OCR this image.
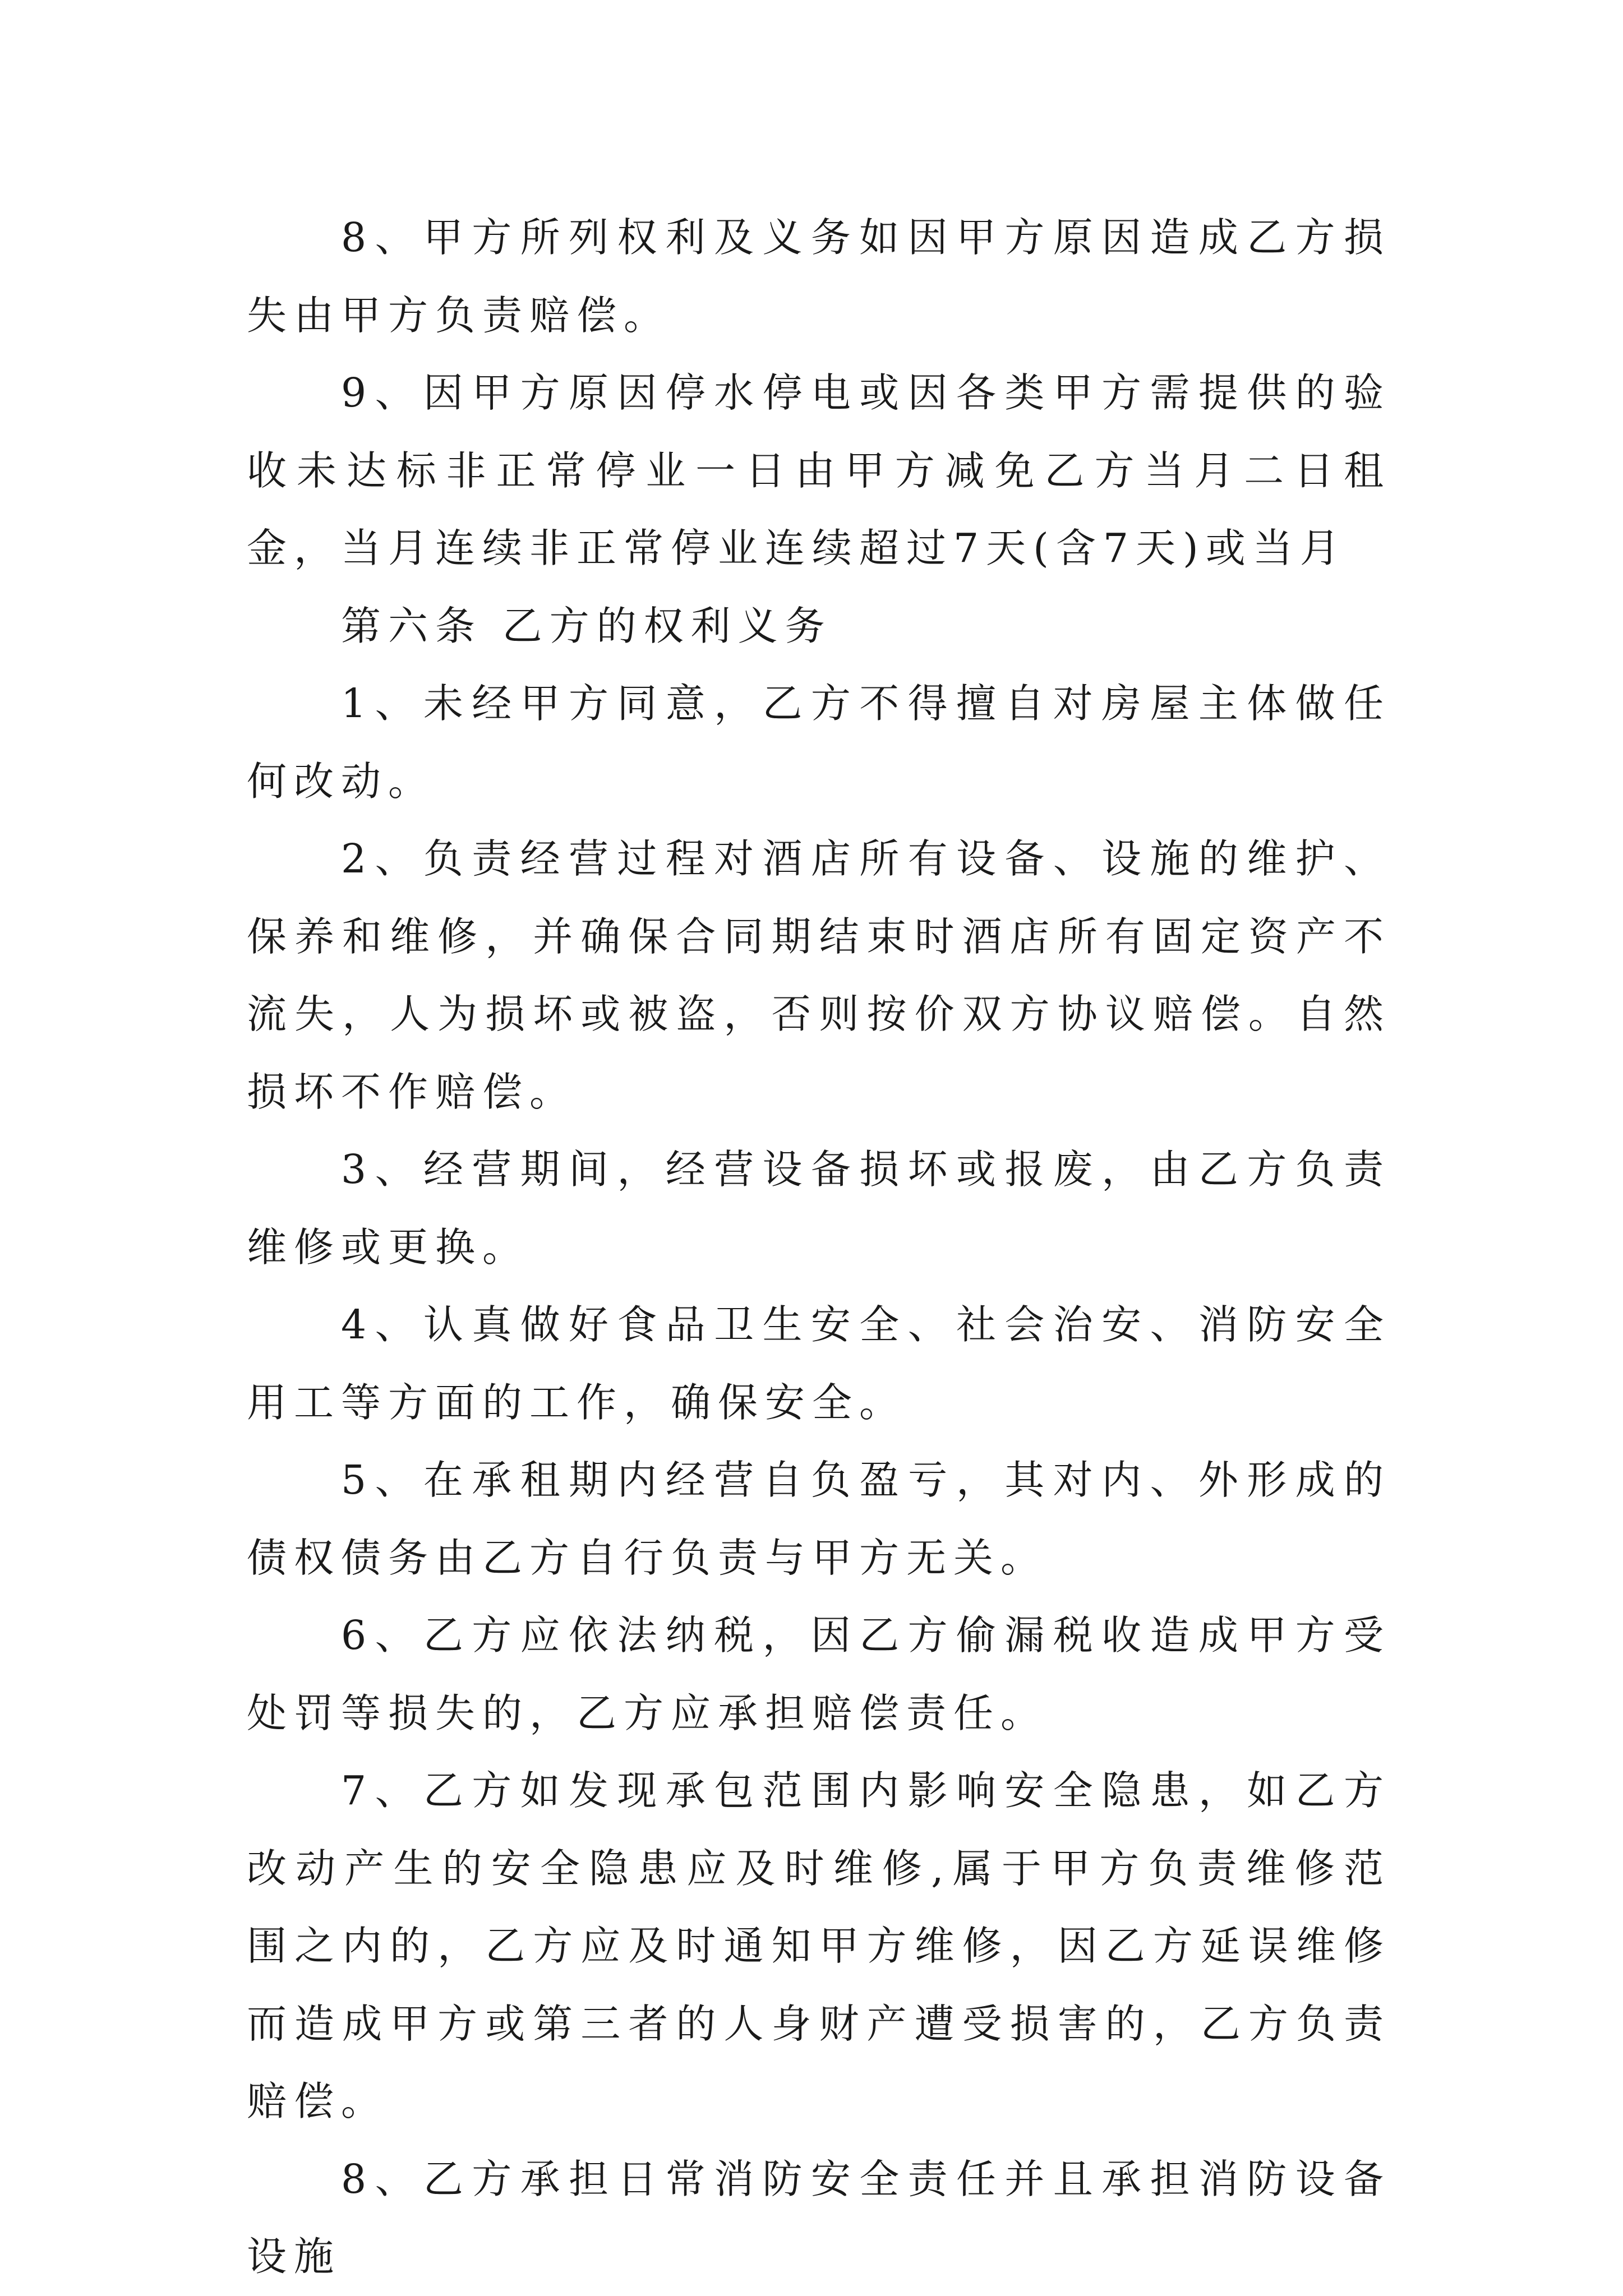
8、甲方所列权利及义务如因甲方原因造成乙方损失由甲方负责赔偿。

9、因甲方原因停水停电或因各类甲方需提供的验收未达标非正常停业一日由甲方减免乙方当月二日租金，当月连续非正常停业连续超过7天(含7天)或当月

第六条 乙方的权利义务

1、未经甲方同意，乙方不得擅自对房屋主体做任何改动。

2、负责经营过程对酒店所有设备、设施的维护、保养和维修，并确保合同期结束时酒店所有固定资产不流失，人为损坏或被盗，否则按价双方协议赔偿。自然损坏不作赔偿。

3、经营期间，经营设备损坏或报废，由乙方负责维修或更换。

4、认真做好食品卫生安全、社会治安、消防安全用工等方面的工作，确保安全。

5、在承租期内经营自负盈亏，其对内、外形成的债权债务由乙方自行负责与甲方无关。

6、乙方应依法纳税，因乙方偷漏税收造成甲方受处罚等损失的，乙方应承担赔偿责任。

7、乙方如发现承包范围内影响安全隐患，如乙方改动产生的安全隐患应及时维修,属于甲方负责维修范围之内的，乙方应及时通知甲方维修，因乙方延误维修而造成甲方或第三者的人身财产遭受损害的，乙方负责赔偿。

8、乙方承担日常消防安全责任并且承担消防设备设施
